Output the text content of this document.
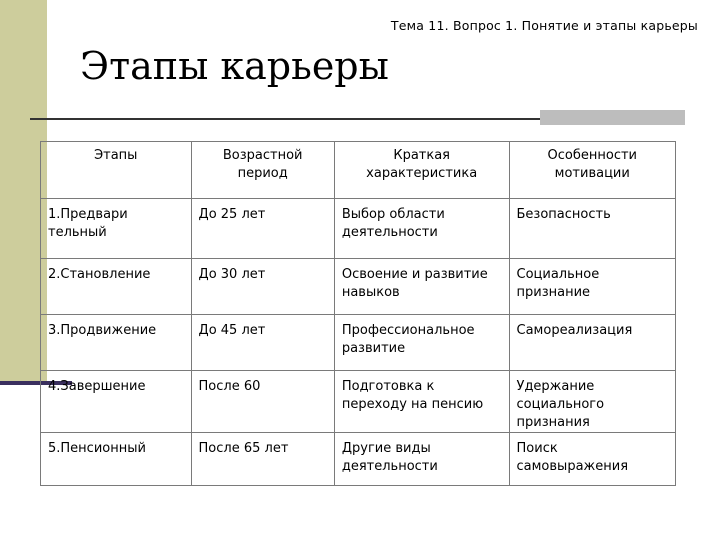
Тема 11. Вопрос 1. Понятие и этапы карьеры
Этапы карьеры
Этапы	Возрастной период	Краткая характеристика	Особенности мотивации
1.Предвари тельный	До 25 лет	Выбор области деятельности	Безопасность
2.Становление	До 30 лет	Освоение и развитие навыков	Социальное признание
3.Продвижение	До 45 лет	Профессиональное развитие	Самореализация
4.Завершение	После 60	Подготовка к переходу на пенсию	Удержание социального признания
5.Пенсионный	После 65 лет	Другие виды деятельности	Поиск самовыражения
